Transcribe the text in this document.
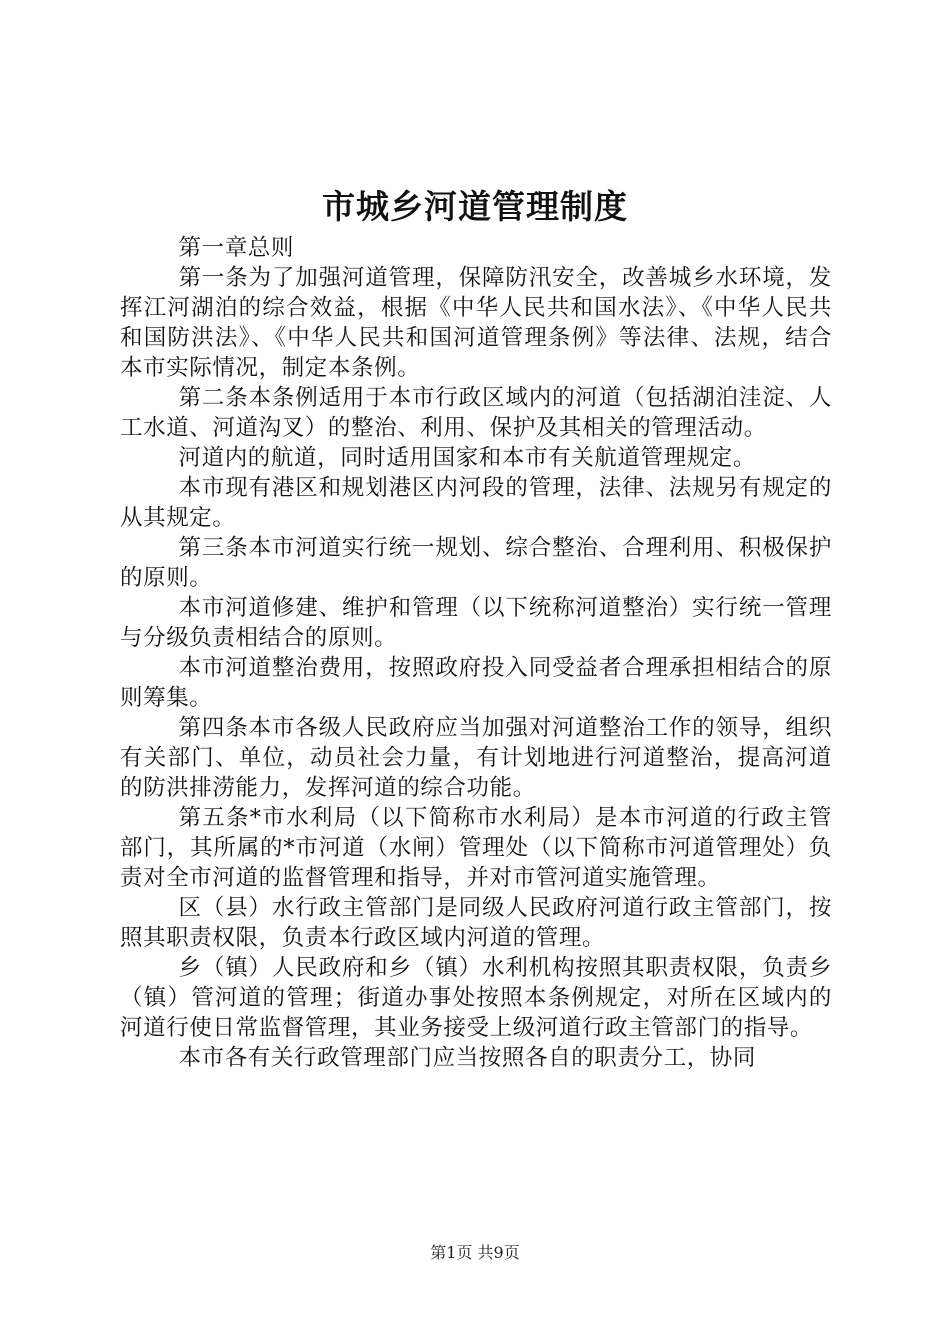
市城乡河道管理制度

第一章总则

第一条为了加强河道管理，保障防汛安全，改善城乡水环境，发挥江河湖泊的综合效益，根据《中华人民共和国水法》、《中华人民共和国防洪法》、《中华人民共和国河道管理条例》等法律、法规，结合本市实际情况，制定本条例。

第二条本条例适用于本市行政区域内的河道（包括湖泊洼淀、人工水道、河道沟叉）的整治、利用、保护及其相关的管理活动。

河道内的航道，同时适用国家和本市有关航道管理规定。

本市现有港区和规划港区内河段的管理，法律、法规另有规定的从其规定。

第三条本市河道实行统一规划、综合整治、合理利用、积极保护的原则。

本市河道修建、维护和管理（以下统称河道整治）实行统一管理与分级负责相结合的原则。

本市河道整治费用，按照政府投入同受益者合理承担相结合的原则筹集。

第四条本市各级人民政府应当加强对河道整治工作的领导，组织有关部门、单位，动员社会力量，有计划地进行河道整治，提高河道的防洪排涝能力，发挥河道的综合功能。

第五条*市水利局（以下简称市水利局）是本市河道的行政主管部门，其所属的*市河道（水闸）管理处（以下简称市河道管理处）负责对全市河道的监督管理和指导，并对市管河道实施管理。

区（县）水行政主管部门是同级人民政府河道行政主管部门，按照其职责权限，负责本行政区域内河道的管理。

乡（镇）人民政府和乡（镇）水利机构按照其职责权限，负责乡（镇）管河道的管理；街道办事处按照本条例规定，对所在区域内的河道行使日常监督管理，其业务接受上级河道行政主管部门的指导。

本市各有关行政管理部门应当按照各自的职责分工，协同

第1页 共9页
